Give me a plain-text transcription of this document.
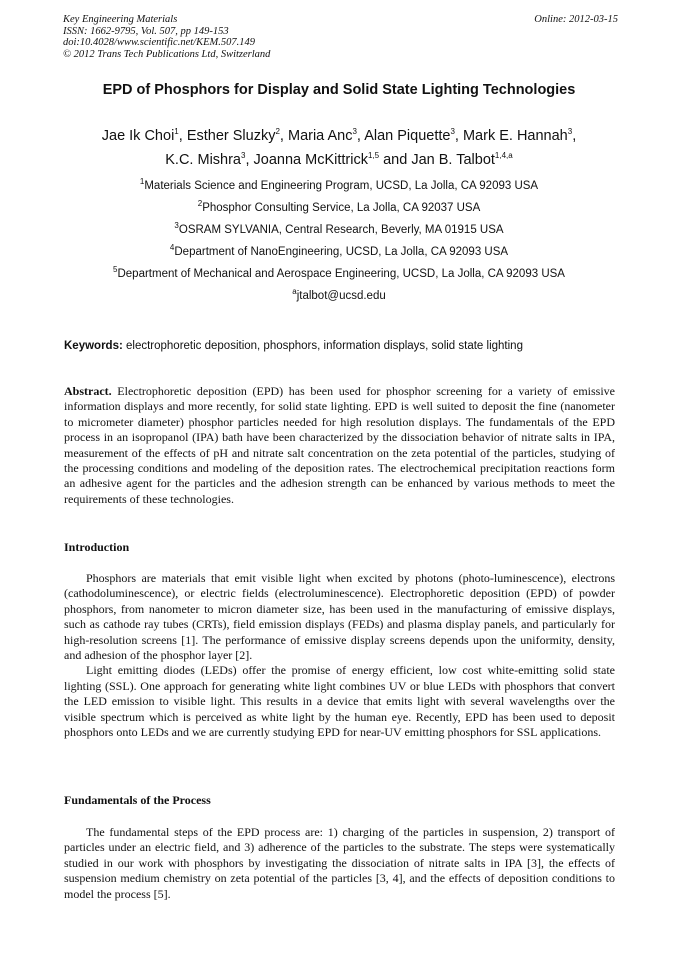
Key Engineering Materials
ISSN: 1662-9795, Vol. 507, pp 149-153
doi:10.4028/www.scientific.net/KEM.507.149
© 2012 Trans Tech Publications Ltd, Switzerland
Online: 2012-03-15
EPD of Phosphors for Display and Solid State Lighting Technologies
Jae Ik Choi$^1$, Esther Sluzky$^2$, Maria Anc$^3$, Alan Piquette$^3$, Mark E. Hannah$^3$,
K.C. Mishra$^3$, Joanna McKittrick$^{1,5}$ and Jan B. Talbot$^{1,4,a}$
$^1$Materials Science and Engineering Program, UCSD, La Jolla, CA 92093 USA
$^2$Phosphor Consulting Service, La Jolla, CA 92037 USA
$^3$OSRAM SYLVANIA, Central Research, Beverly, MA 01915 USA
$^4$Department of NanoEngineering, UCSD, La Jolla, CA 92093 USA
$^5$Department of Mechanical and Aerospace Engineering, UCSD, La Jolla, CA 92093 USA
$^a$jtalbot@ucsd.edu
Keywords: electrophoretic deposition, phosphors, information displays, solid state lighting

Abstract. Electrophoretic deposition (EPD) has been used for phosphor screening for a variety of emissive information displays and more recently, for solid state lighting. EPD is well suited to deposit the fine (nanometer to micrometer diameter) phosphor particles needed for high resolution displays. The fundamentals of the EPD process in an isopropanol (IPA) bath have been characterized by the dissociation behavior of nitrate salts in IPA, measurement of the effects of pH and nitrate salt concentration on the zeta potential of the particles, studying of the processing conditions and modeling of the deposition rates. The electrochemical precipitation reactions form an adhesive agent for the particles and the adhesion strength can be enhanced by various methods to meet the requirements of these technologies.

Introduction

Phosphors are materials that emit visible light when excited by photons (photo-luminescence), electrons (cathodoluminescence), or electric fields (electroluminescence). Electrophoretic deposition (EPD) of powder phosphors, from nanometer to micron diameter size, has been used in the manufacturing of emissive displays, such as cathode ray tubes (CRTs), field emission displays (FEDs) and plasma display panels, and particularly for high-resolution screens [1]. The performance of emissive display screens depends upon the uniformity, density, and adhesion of the phosphor layer [2].

Light emitting diodes (LEDs) offer the promise of energy efficient, low cost white-emitting solid state lighting (SSL). One approach for generating white light combines UV or blue LEDs with phosphors that convert the LED emission to visible light. This results in a device that emits light with several wavelengths over the visible spectrum which is perceived as white light by the human eye. Recently, EPD has been used to deposit phosphors onto LEDs and we are currently studying EPD for near-UV emitting phosphors for SSL applications.

Fundamentals of the Process

The fundamental steps of the EPD process are: 1) charging of the particles in suspension, 2) transport of particles under an electric field, and 3) adherence of the particles to the substrate. The steps were systematically studied in our work with phosphors by investigating the dissociation of nitrate salts in IPA [3], the effects of suspension medium chemistry on zeta potential of the particles [3, 4], and the effects of deposition conditions to model the process [5].
